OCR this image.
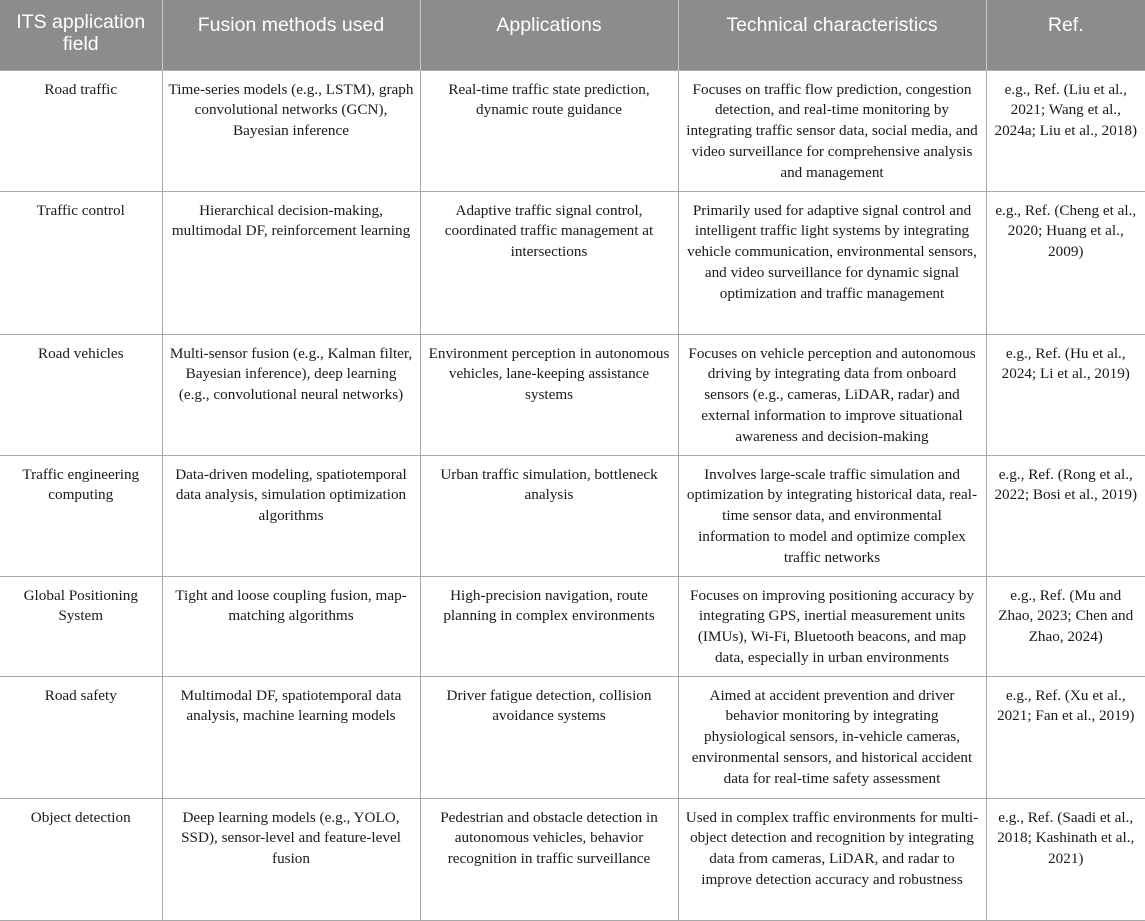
ITS application field	Fusion methods used	Applications	Technical characteristics	Ref.
Road traffic	Time-series models (e.g., LSTM), graph convolutional networks (GCN), Bayesian inference	Real-time traffic state prediction, dynamic route guidance	Focuses on traffic flow prediction, congestion detection, and real-time monitoring by integrating traffic sensor data, social media, and video surveillance for comprehensive analysis and management	e.g., Ref. (Liu et al., 2021; Wang et al., 2024a; Liu et al., 2018)
Traffic control	Hierarchical decision-making, multimodal DF, reinforcement learning	Adaptive traffic signal control, coordinated traffic management at intersections	Primarily used for adaptive signal control and intelligent traffic light systems by integrating vehicle communication, environmental sensors, and video surveillance for dynamic signal optimization and traffic management	e.g., Ref. (Cheng et al., 2020; Huang et al., 2009)
Road vehicles	Multi-sensor fusion (e.g., Kalman filter, Bayesian inference), deep learning (e.g., convolutional neural networks)	Environment perception in autonomous vehicles, lane-keeping assistance systems	Focuses on vehicle perception and autonomous driving by integrating data from onboard sensors (e.g., cameras, LiDAR, radar) and external information to improve situational awareness and decision-making	e.g., Ref. (Hu et al., 2024; Li et al., 2019)
Traffic engineering computing	Data-driven modeling, spatiotemporal data analysis, simulation optimization algorithms	Urban traffic simulation, bottleneck analysis	Involves large-scale traffic simulation and optimization by integrating historical data, real-time sensor data, and environmental information to model and optimize complex traffic networks	e.g., Ref. (Rong et al., 2022; Bosi et al., 2019)
Global Positioning System	Tight and loose coupling fusion, map-matching algorithms	High-precision navigation, route planning in complex environments	Focuses on improving positioning accuracy by integrating GPS, inertial measurement units (IMUs), Wi-Fi, Bluetooth beacons, and map data, especially in urban environments	e.g., Ref. (Mu and Zhao, 2023; Chen and Zhao, 2024)
Road safety	Multimodal DF, spatiotemporal data analysis, machine learning models	Driver fatigue detection, collision avoidance systems	Aimed at accident prevention and driver behavior monitoring by integrating physiological sensors, in-vehicle cameras, environmental sensors, and historical accident data for real-time safety assessment	e.g., Ref. (Xu et al., 2021; Fan et al., 2019)
Object detection	Deep learning models (e.g., YOLO, SSD), sensor-level and feature-level fusion	Pedestrian and obstacle detection in autonomous vehicles, behavior recognition in traffic surveillance	Used in complex traffic environments for multi-object detection and recognition by integrating data from cameras, LiDAR, and radar to improve detection accuracy and robustness	e.g., Ref. (Saadi et al., 2018; Kashinath et al., 2021)
